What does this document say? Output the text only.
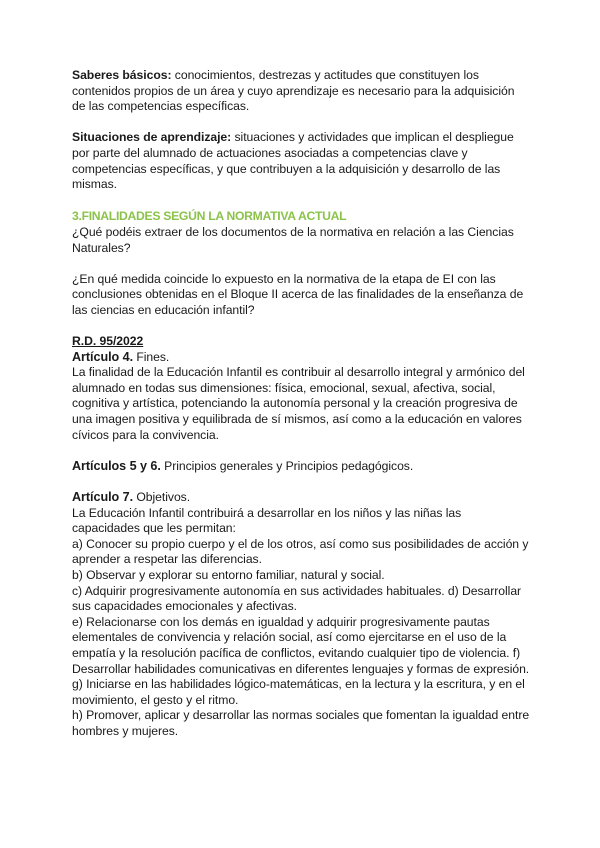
Saberes básicos: conocimientos, destrezas y actitudes que constituyen los contenidos propios de un área y cuyo aprendizaje es necesario para la adquisición de las competencias específicas.

Situaciones de aprendizaje: situaciones y actividades que implican el despliegue por parte del alumnado de actuaciones asociadas a competencias clave y competencias específicas, y que contribuyen a la adquisición y desarrollo de las mismas.

3.FINALIDADES SEGÚN LA NORMATIVA ACTUAL

¿Qué podéis extraer de los documentos de la normativa en relación a las Ciencias Naturales?

¿En qué medida coincide lo expuesto en la normativa de la etapa de EI con las conclusiones obtenidas en el Bloque II acerca de las finalidades de la enseñanza de las ciencias en educación infantil?

R.D. 95/2022

Artículo 4. Fines.

La finalidad de la Educación Infantil es contribuir al desarrollo integral y armónico del alumnado en todas sus dimensiones: física, emocional, sexual, afectiva, social, cognitiva y artística, potenciando la autonomía personal y la creación progresiva de una imagen positiva y equilibrada de sí mismos, así como a la educación en valores cívicos para la convivencia.

Artículos 5 y 6. Principios generales y Principios pedagógicos.

Artículo 7. Objetivos.

La Educación Infantil contribuirá a desarrollar en los niños y las niñas las capacidades que les permitan:

a) Conocer su propio cuerpo y el de los otros, así como sus posibilidades de acción y aprender a respetar las diferencias.

b) Observar y explorar su entorno familiar, natural y social.

c) Adquirir progresivamente autonomía en sus actividades habituales. d) Desarrollar sus capacidades emocionales y afectivas.

e) Relacionarse con los demás en igualdad y adquirir progresivamente pautas elementales de convivencia y relación social, así como ejercitarse en el uso de la empatía y la resolución pacífica de conflictos, evitando cualquier tipo de violencia. f) Desarrollar habilidades comunicativas en diferentes lenguajes y formas de expresión.

g) Iniciarse en las habilidades lógico-matemáticas, en la lectura y la escritura, y en el movimiento, el gesto y el ritmo.

h) Promover, aplicar y desarrollar las normas sociales que fomentan la igualdad entre hombres y mujeres.
